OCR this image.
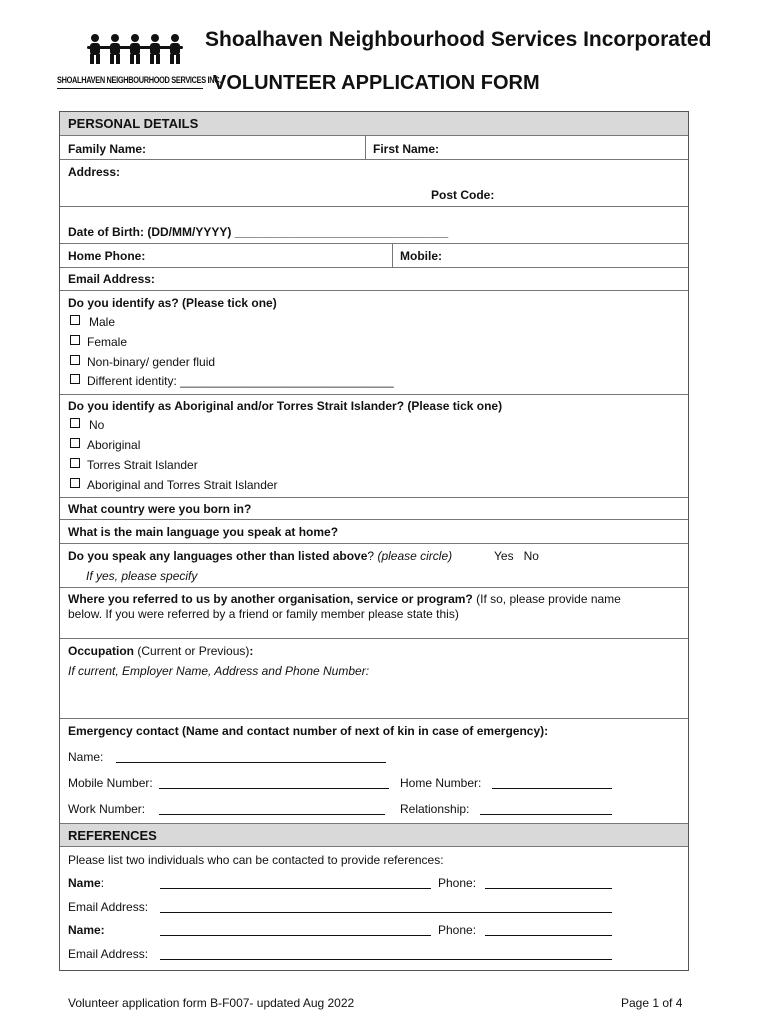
SHOALHAVEN NEIGHBOURHOOD SERVICES INC.
Shoalhaven Neighbourhood Services Incorporated
VOLUNTEER APPLICATION FORM
PERSONAL DETAILS
Family Name:	First Name:
Address:
Post Code:
Date of Birth: (DD/MM/YYYY) ________________________________
Home Phone:	Mobile:
Email Address:
Do you identify as? (Please tick one)
Male
Female
Non-binary/ gender fluid
Different identity: ________________________________
Do you identify as Aboriginal and/or Torres Strait Islander? (Please tick one)
No
Aboriginal
Torres Strait Islander
Aboriginal and Torres Strait Islander
What country were you born in?
What is the main language you speak at home?
Do you speak any languages other than listed above? (please circle)	Yes   No
If yes, please specify
Where you referred to us by another organisation, service or program? (If so, please provide name
below. If you were referred by a friend or family member please state this)
Occupation (Current or Previous):
If current, Employer Name, Address and Phone Number:
Emergency contact (Name and contact number of next of kin in case of emergency):
Name:
Mobile Number:	Home Number:
Work Number:	Relationship:
REFERENCES
Please list two individuals who can be contacted to provide references:
Name:	Phone:
Email Address:
Name:	Phone:
Email Address:
Volunteer application form B-F007- updated Aug 2022	Page 1 of 4
